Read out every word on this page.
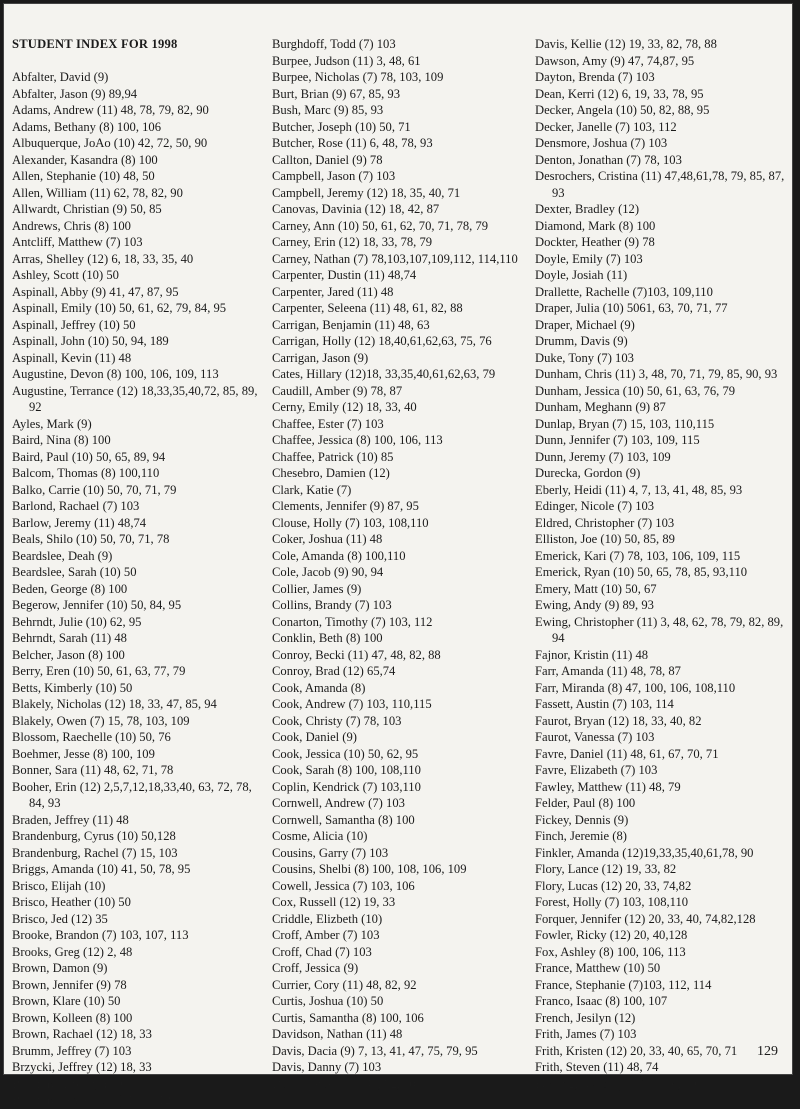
STUDENT INDEX FOR 1998
Abfalter, David (9)
Abfalter, Jason (9) 89,94
Adams, Andrew (11) 48, 78, 79, 82, 90
Adams, Bethany (8) 100, 106
Albuquerque, JoAo (10) 42, 72, 50, 90
Alexander, Kasandra (8) 100
Allen, Stephanie (10) 48, 50
Allen, William (11) 62, 78, 82, 90
Allwardt, Christian (9) 50, 85
Andrews, Chris (8) 100
Antcliff, Matthew (7) 103
Arras, Shelley (12) 6, 18, 33, 35, 40
Ashley, Scott (10) 50
Aspinall, Abby (9) 41, 47, 87, 95
Aspinall, Emily (10) 50, 61, 62, 79, 84, 95
Aspinall, Jeffrey (10) 50
Aspinall, John (10) 50, 94, 189
Aspinall, Kevin (11) 48
Augustine, Devon (8) 100, 106, 109, 113
Augustine, Terrance (12) 18,33,35,40,72, 85, 89, 92
Ayles, Mark (9)
Baird, Nina (8) 100
Baird, Paul (10) 50, 65, 89, 94
Balcom, Thomas (8) 100,110
Balko, Carrie (10) 50, 70, 71, 79
Barlond, Rachael (7) 103
Barlow, Jeremy (11) 48,74
Beals, Shilo (10) 50, 70, 71, 78
Beardslee, Deah (9)
Beardslee, Sarah (10) 50
Beden, George (8) 100
Begerow, Jennifer (10) 50, 84, 95
Behrndt, Julie (10) 62, 95
Behrndt, Sarah (11) 48
Belcher, Jason (8) 100
Berry, Eren (10) 50, 61, 63, 77, 79
Betts, Kimberly (10) 50
Blakely, Nicholas (12) 18, 33, 47, 85, 94
Blakely, Owen (7) 15, 78, 103, 109
Blossom, Raechelle (10) 50, 76
Boehmer, Jesse (8) 100, 109
Bonner, Sara (11) 48, 62, 71, 78
Booher, Erin (12) 2,5,7,12,18,33,40, 63, 72, 78, 84, 93
Braden, Jeffrey (11) 48
Brandenburg, Cyrus (10) 50,128
Brandenburg, Rachel (7) 15, 103
Briggs, Amanda (10) 41, 50, 78, 95
Brisco, Elijah (10)
Brisco, Heather (10) 50
Brisco, Jed (12) 35
Brooke, Brandon (7) 103, 107, 113
Brooks, Greg (12) 2, 48
Brown, Damon (9)
Brown, Jennifer (9) 78
Brown, Klare (10) 50
Brown, Kolleen (8) 100
Brown, Rachael (12) 18, 33
Brumm, Jeffrey (7) 103
Brzycki, Jeffrey (12) 18, 33
Bumford, Brett (7) 103
Bumford, Rebecca (7) 103, 112
Burghdoff, Todd (7) 103
Burpee, Judson (11) 3, 48, 61
Burpee, Nicholas (7) 78, 103, 109
Burt, Brian (9) 67, 85, 93
Bush, Marc (9) 85, 93
Butcher, Joseph (10) 50, 71
Butcher, Rose (11) 6, 48, 78, 93
Callton, Daniel (9) 78
Campbell, Jason (7) 103
Campbell, Jeremy (12) 18, 35, 40, 71
Canovas, Davinia (12) 18, 42, 87
Carney, Ann (10) 50, 61, 62, 70, 71, 78, 79
Carney, Erin (12) 18, 33, 78, 79
Carney, Nathan (7) 78,103,107,109,112, 114,110
Carpenter, Dustin (11) 48,74
Carpenter, Jared (11) 48
Carpenter, Seleena (11) 48, 61, 82, 88
Carrigan, Benjamin (11) 48, 63
Carrigan, Holly (12) 18,40,61,62,63, 75, 76
Carrigan, Jason (9)
Cates, Hillary (12)18, 33,35,40,61,62,63, 79
Caudill, Amber (9) 78, 87
Cerny, Emily (12) 18, 33, 40
Chaffee, Ester (7) 103
Chaffee, Jessica (8) 100, 106, 113
Chaffee, Patrick (10) 85
Chesebro, Damien (12)
Clark, Katie (7)
Clements, Jennifer (9) 87, 95
Clouse, Holly (7) 103, 108,110
Coker, Joshua (11) 48
Cole, Amanda (8) 100,110
Cole, Jacob (9) 90, 94
Collier, James (9)
Collins, Brandy (7) 103
Conarton, Timothy (7) 103, 112
Conklin, Beth (8) 100
Conroy, Becki (11) 47, 48, 82, 88
Conroy, Brad (12) 65,74
Cook, Amanda (8)
Cook, Andrew (7) 103, 110,115
Cook, Christy (7) 78, 103
Cook, Daniel (9)
Cook, Jessica (10) 50, 62, 95
Cook, Sarah (8) 100, 108,110
Coplin, Kendrick (7) 103,110
Cornwell, Andrew (7) 103
Cornwell, Samantha (8) 100
Cosme, Alicia (10)
Cousins, Garry (7) 103
Cousins, Shelbi (8) 100, 108, 106, 109
Cowell, Jessica (7) 103, 106
Cox, Russell (12) 19, 33
Criddle, Elizbeth (10)
Croff, Amber (7) 103
Croff, Chad (7) 103
Croff, Jessica (9)
Currier, Cory (11) 48, 82, 92
Curtis, Joshua (10) 50
Curtis, Samantha (8) 100, 106
Davidson, Nathan (11) 48
Davis, Dacia (9) 7, 13, 41, 47, 75, 79, 95
Davis, Danny (7) 103
Davis, James (11) 48, 82, 90
Davis, Kellie (12) 19, 33, 82, 78, 88
Dawson, Amy (9) 47, 74,87, 95
Dayton, Brenda (7) 103
Dean, Kerri (12) 6, 19, 33, 78, 95
Decker, Angela (10) 50, 82, 88, 95
Decker, Janelle (7) 103, 112
Densmore, Joshua (7) 103
Denton, Jonathan (7) 78, 103
Desrochers, Cristina (11) 47,48,61,78, 79, 85, 87, 93
Dexter, Bradley (12)
Diamond, Mark (8) 100
Dockter, Heather (9) 78
Doyle, Emily (7) 103
Doyle, Josiah (11)
Drallette, Rachelle (7)103, 109,110
Draper, Julia (10) 5061, 63, 70, 71, 77
Draper, Michael (9)
Drumm, Davis (9)
Duke, Tony (7) 103
Dunham, Chris (11) 3, 48, 70, 71, 79, 85, 90, 93
Dunham, Jessica (10) 50, 61, 63, 76, 79
Dunham, Meghann (9) 87
Dunlap, Bryan (7) 15, 103, 110,115
Dunn, Jennifer (7) 103, 109, 115
Dunn, Jeremy (7) 103, 109
Durecka, Gordon (9)
Eberly, Heidi (11) 4, 7, 13, 41, 48, 85, 93
Edinger, Nicole (7) 103
Eldred, Christopher (7) 103
Elliston, Joe (10) 50, 85, 89
Emerick, Kari (7) 78, 103, 106, 109, 115
Emerick, Ryan (10) 50, 65, 78, 85, 93,110
Emery, Matt (10) 50, 67
Ewing, Andy (9) 89, 93
Ewing, Christopher (11) 3, 48, 62, 78, 79, 82, 89, 94
Fajnor, Kristin (11) 48
Farr, Amanda (11) 48, 78, 87
Farr, Miranda (8) 47, 100, 106, 108,110
Fassett, Austin (7) 103, 114
Faurot, Bryan (12) 18, 33, 40, 82
Faurot, Vanessa (7) 103
Favre, Daniel (11) 48, 61, 67, 70, 71
Favre, Elizabeth (7) 103
Fawley, Matthew (11) 48, 79
Felder, Paul (8) 100
Fickey, Dennis (9)
Finch, Jeremie (8)
Finkler, Amanda (12)19,33,35,40,61,78, 90
Flory, Lance (12) 19, 33, 82
Flory, Lucas (12) 20, 33, 74,82
Forest, Holly (7) 103, 108,110
Forquer, Jennifer (12) 20, 33, 40, 74,82,128
Fowler, Ricky (12) 20, 40,128
Fox, Ashley (8) 100, 106, 113
France, Matthew (10) 50
France, Stephanie (7)103, 112, 114
Franco, Isaac (8) 100, 107
French, Jesilyn (12)
Frith, James (7) 103
Frith, Kristen (12) 20, 33, 40, 65, 70, 71
Frith, Steven (11) 48, 74
Furlong, Kasey (7) 103, 106, 109
129
